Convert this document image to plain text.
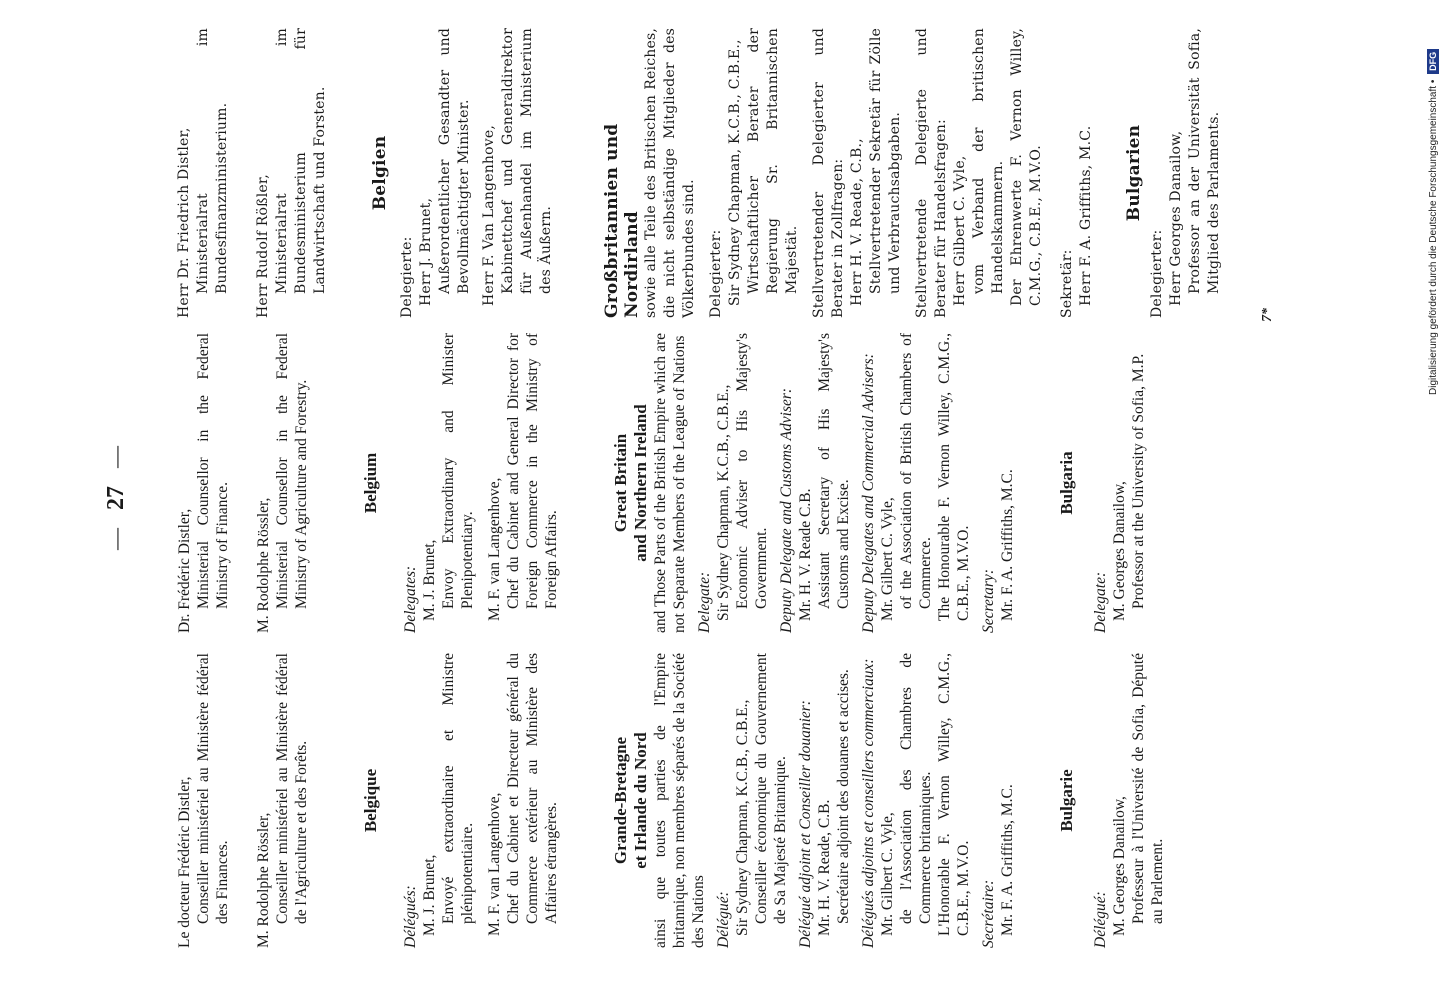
—27—

Le docteur Frédéric Distler, Conseiller ministériel au Ministère fédéral des Finances. M. Rodolphe Rössler, Conseiller ministériel au Ministère fédéral de l'Agriculture et des Forêts.	Belgique

Délégués: M. J. Brunet, Envoyé extraordinaire et Ministre plénipotentiaire. M. F. van Langenhove, Chef du Cabinet et Directeur général du Commerce extérieur au Ministère des Affaires étrangères.	Grande-Bretagne et Irlande du Nord ainsi que toutes parties de l'Empire britannique, non membres séparés de la Société des Nations Délégué: Sir Sydney Chapman, K.C.B., C.B.E., Conseiller économique du Gouvernement de Sa Majesté Britannique. Délégué adjoint et Conseiller douanier: Mr. H. V. Reade, C.B. Secrétaire adjoint des douanes et accises. Délégués adjoints et conseillers commerciaux: Mr. Gilbert C. Vyle, de l'Association des Chambres de Commerce britanniques. L'Honorable F. Vernon Willey, C.M.G., C.B.E., M.V.O. Secrétaire: Mr. F. A. Griffiths, M.C. Bulgarie

Délégué: M. Georges Danailow, Professeur à l'Université de Sofia, Député au Parlement.

Dr. Frédéric Distler, Ministerial Counsellor in the Federal Ministry of Finance. M. Rodolphe Rössler, Ministerial Counsellor in the Federal Ministry of Agriculture and Forestry.	Belgium

Delegates: M. J. Brunet, Envoy Extraordinary and Minister Plenipotentiary. M. F. van Langenhove, Chef du Cabinet and General Director for Foreign Commerce in the Ministry of Foreign Affairs.

Great Britain and Northern Ireland and Those Parts of the British Empire which are not Separate Members of the League of Nations Delegate: Sir Sydney Chapman, K.C.B., C.B.E., Economic Adviser to His Majesty's Government. Deputy Delegate and Customs Adviser: Mr. H. V. Reade C.B. Assistant Secretary of His Majesty's Customs and Excise. Deputy Delegates and Commercial Advisers: Mr. Gilbert C. Vyle, of the Association of British Chambers of Commerce. The Honourable F. Vernon Willey, C.M.G., C.B.E., M.V.O. Secretary: Mr. F. A. Griffiths, M.C. Bulgaria

Delegate: M. Georges Danailow, Professor at the University of Sofia, M.P.

Herr Dr. Friedrich Distler, Ministerialrat im Bundesfinanzministerium. Herr Rudolf Rößler, Ministerialrat im Bundesministerium für Landwirtschaft und Forsten. Belgien

Delegierte: Herr J. Brunet, Außerordentlicher Gesandter und Bevollmächtigter Minister. Herr F. Van Langenhove, Kabinettchef und Generaldirektor für Außenhandel im Ministerium des Äußern.	Großbritannien und Nordirland sowie alle Teile des Britischen Reiches, die nicht selbständige Mitglieder des Völkerbundes sind. Delegierter: Sir Sydney Chapman, K.C.B., C.B.E., Wirtschaftlicher Berater der Regierung Sr. Britannischen Majestät. Stellvertretender Delegierter und Berater in Zollfragen: Herr H. V. Reade, C.B., Stellvertretender Sekretär für Zölle und Verbrauchsabgaben. Stellvertretende Delegierte und Berater für Handelsfragen: Herr Gilbert C. Vyle, vom Verband der britischen Handelskammern. Der Ehrenwerte F. Vernon Willey, C.M.G., C.B.E., M.V.O. Sekretär: Herr F. A. Griffiths, M.C. Bulgarien

Delegierter: Herr Georges Danailow, Professor an der Universität Sofia, Mitglied des Parlaments.

7*	Digitalisierung gefördert durch die Deutsche Forschungsgemeinschaft • DFG
